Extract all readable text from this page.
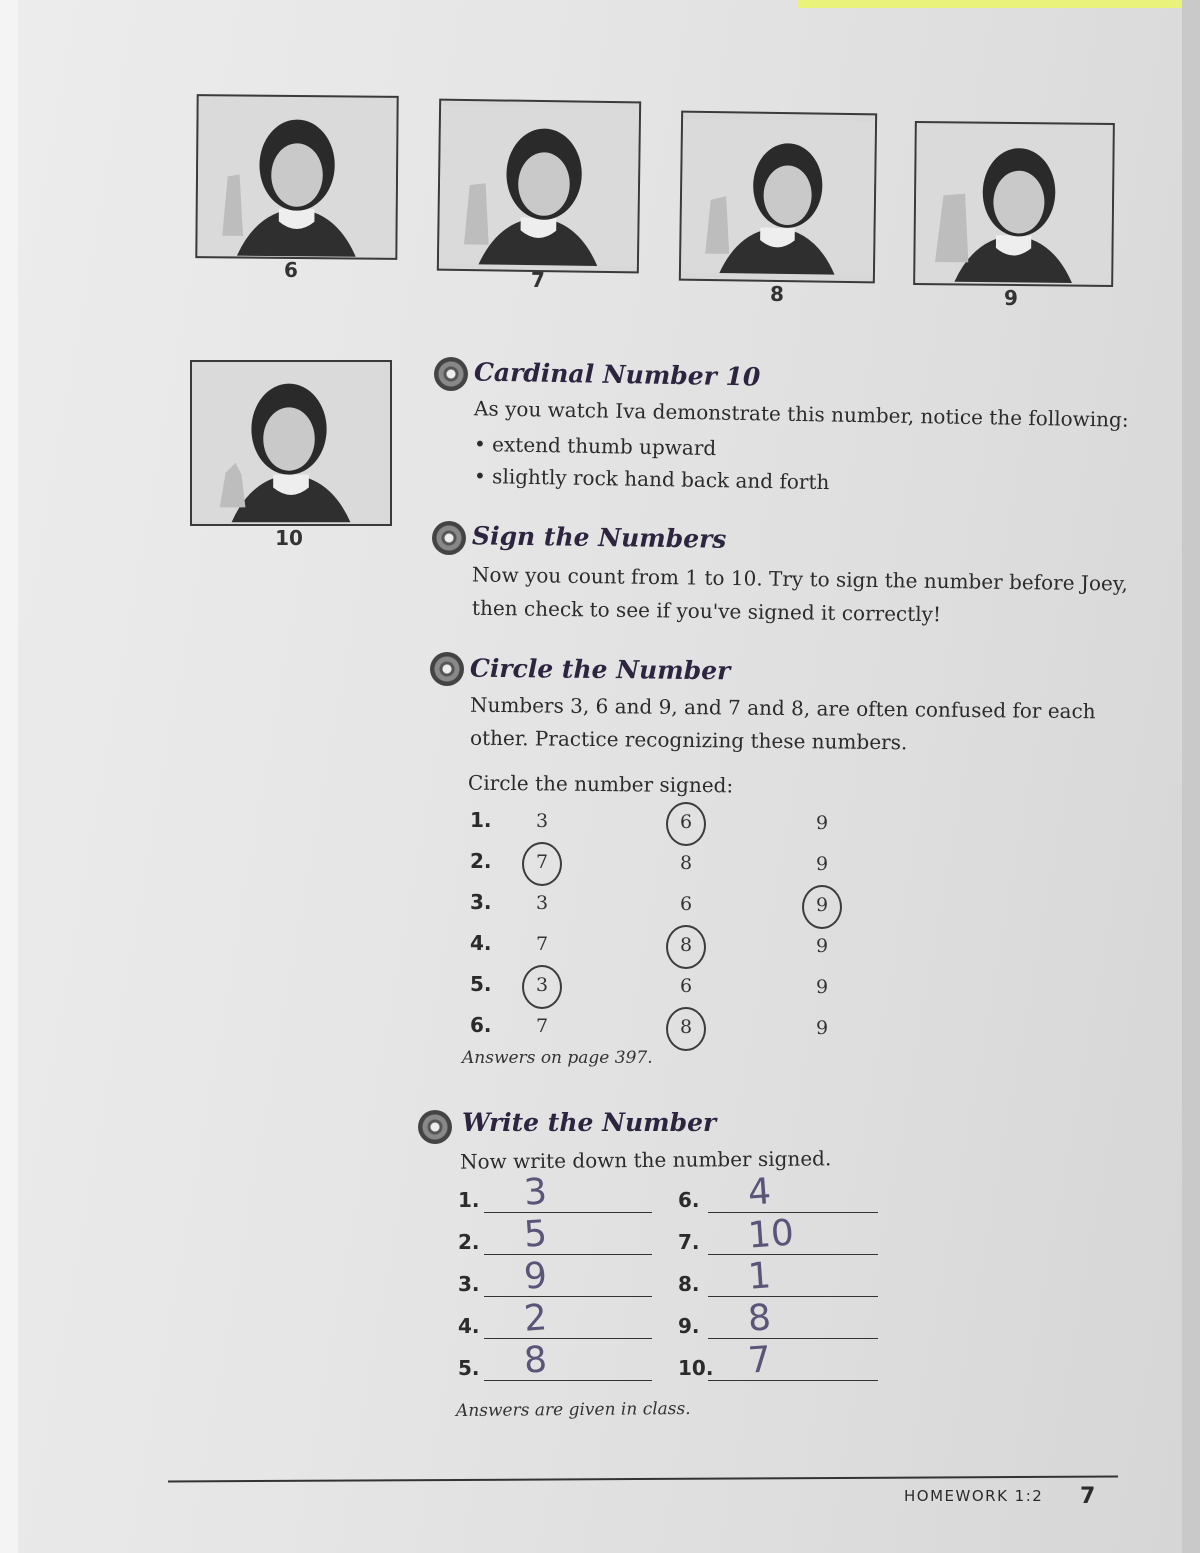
6	7
8	9
10
Cardinal Number 10
As you watch Iva demonstrate this number, notice the following:
• extend thumb upward
• slightly rock hand back and forth
Sign the Numbers
Now you count from 1 to 10. Try to sign the number before Joey,
then check to see if you've signed it correctly!
Circle the Number
Numbers 3, 6 and 9, and 7 and 8, are often confused for each
other. Practice recognizing these numbers.
Circle the number signed:
1.	3	6	9
2.	7	8	9
3.	3	6	9
4.	7	8	9
5.	3	6	9
6.	7	8	9
Answers on page 397.
Write the Number
Now write down the number signed.
1. 3
2. 5
3. 9
4. 2
5. 8
6. 4
7. 10
8. 1
9. 8
10. 7
Answers are given in class.
HOMEWORK 1:2 7
